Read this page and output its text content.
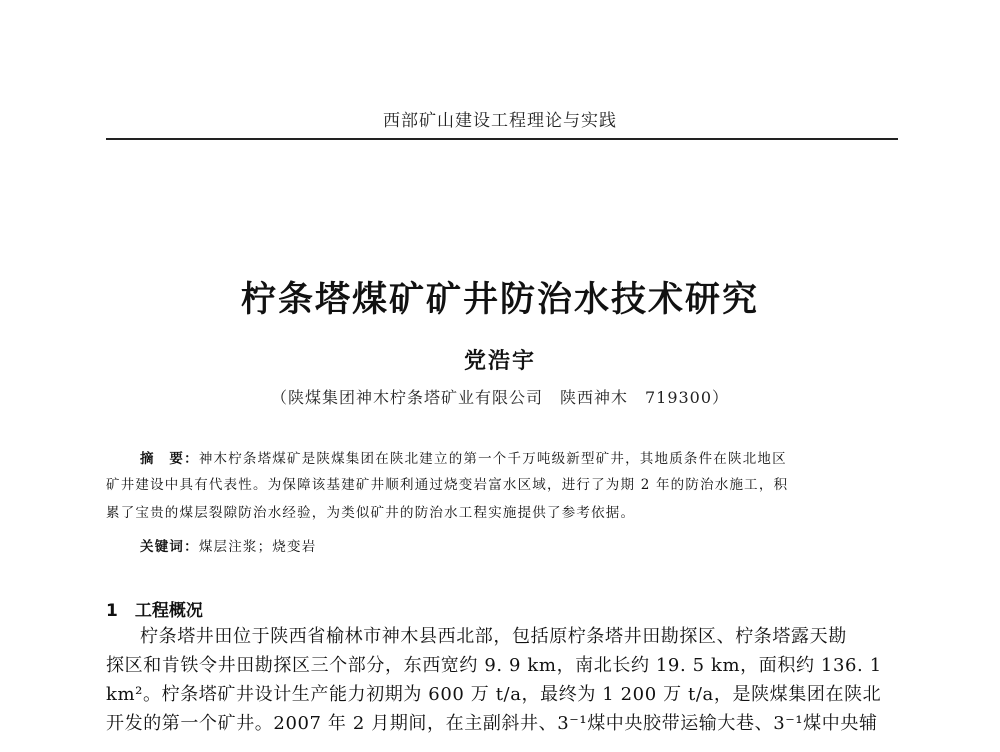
西部矿山建设工程理论与实践
柠条塔煤矿矿井防治水技术研究
党浩宇
（陕煤集团神木柠条塔矿业有限公司　陕西神木　719300）
摘　要：神木柠条塔煤矿是陕煤集团在陕北建立的第一个千万吨级新型矿井，其地质条件在陕北地区
矿井建设中具有代表性。为保障该基建矿井顺利通过烧变岩富水区域，进行了为期 2 年的防治水施工，积
累了宝贵的煤层裂隙防治水经验，为类似矿井的防治水工程实施提供了参考依据。
关键词：煤层注浆；烧变岩
1　工程概况
柠条塔井田位于陕西省榆林市神木县西北部，包括原柠条塔井田勘探区、柠条塔露天勘
探区和肯铁令井田勘探区三个部分，东西宽约 9. 9 km，南北长约 19. 5 km，面积约 136. 1
km²。柠条塔矿井设计生产能力初期为 600 万 t/a，最终为 1 200 万 t/a，是陕煤集团在陕北
开发的第一个矿井。2007 年 2 月期间，在主副斜井、3⁻¹煤中央胶带运输大巷、3⁻¹煤中央辅
